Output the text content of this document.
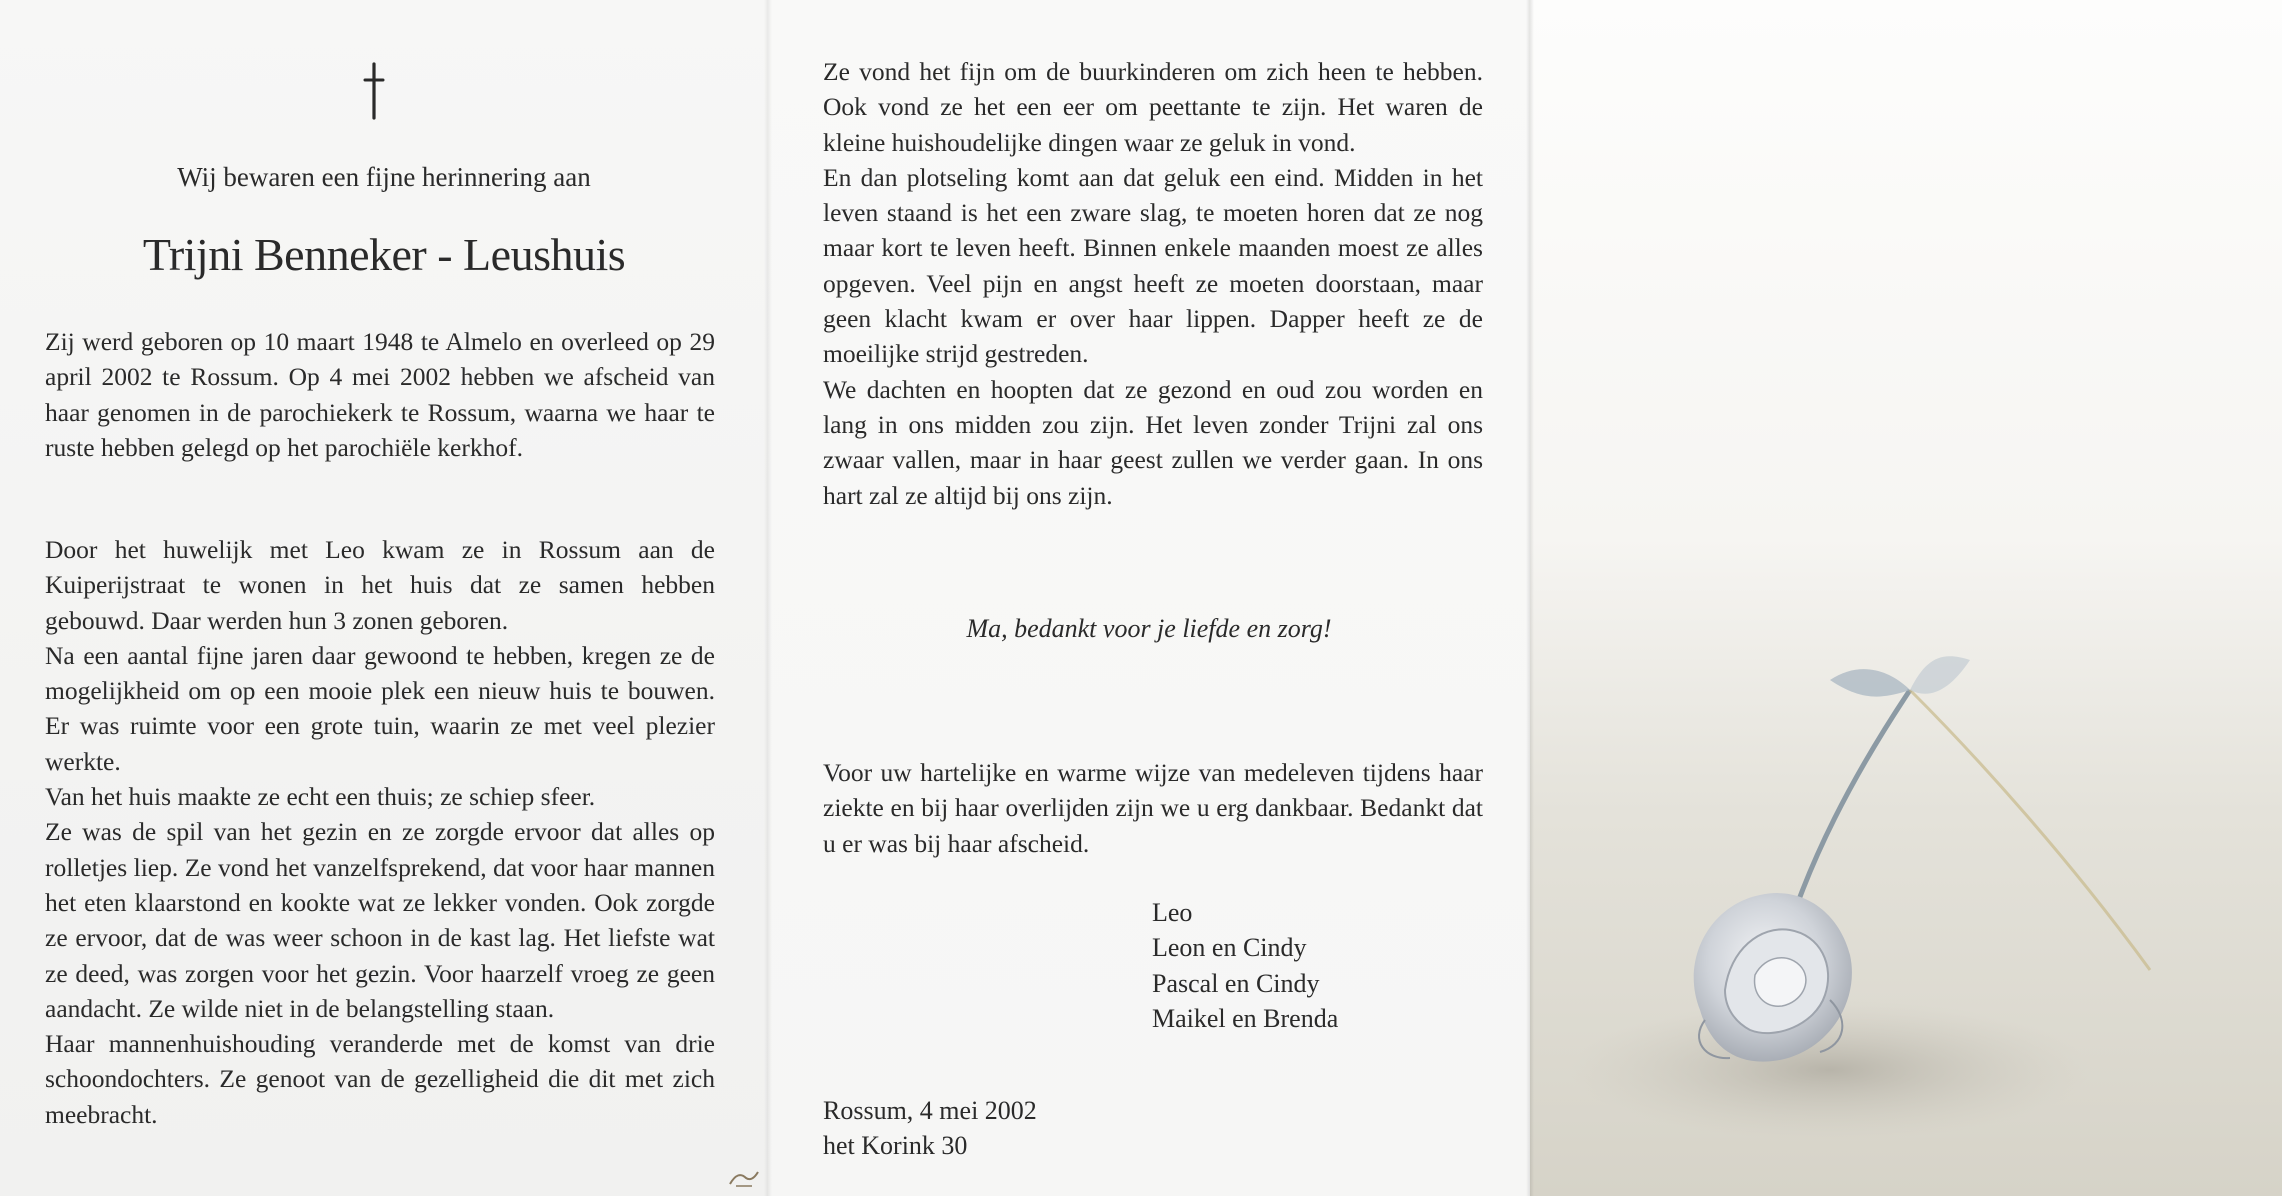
Wij bewaren een fijne herinnering aan
Trijni Benneker - Leushuis

Zij werd geboren op 10 maart 1948 te Almelo en overleed op 29 april 2002 te Rossum. Op 4 mei 2002 hebben we afscheid van haar genomen in de parochiekerk te Rossum, waarna we haar te ruste hebben gelegd op het parochiële kerkhof.

Door het huwelijk met Leo kwam ze in Rossum aan de Kuiperijstraat te wonen in het huis dat ze samen hebben gebouwd. Daar werden hun 3 zonen geboren.

Na een aantal fijne jaren daar gewoond te hebben, kregen ze de mogelijkheid om op een mooie plek een nieuw huis te bouwen. Er was ruimte voor een grote tuin, waarin ze met veel plezier werkte.

Van het huis maakte ze echt een thuis; ze schiep sfeer.

Ze was de spil van het gezin en ze zorgde ervoor dat alles op rolletjes liep. Ze vond het vanzelfsprekend, dat voor haar mannen het eten klaarstond en kookte wat ze lekker vonden. Ook zorgde ze ervoor, dat de was weer schoon in de kast lag. Het liefste wat ze deed, was zorgen voor het gezin. Voor haarzelf vroeg ze geen aandacht. Ze wilde niet in de belangstelling staan.

Haar mannenhuishouding veranderde met de komst van drie schoondochters. Ze genoot van de gezelligheid die dit met zich meebracht.

Ze vond het fijn om de buurkinderen om zich heen te hebben. Ook vond ze het een eer om peettante te zijn. Het waren de kleine huishoudelijke dingen waar ze geluk in vond.

En dan plotseling komt aan dat geluk een eind. Midden in het leven staand is het een zware slag, te moeten horen dat ze nog maar kort te leven heeft. Binnen enkele maanden moest ze alles opgeven. Veel pijn en angst heeft ze moeten doorstaan, maar geen klacht kwam er over haar lippen. Dapper heeft ze de moeilijke strijd gestreden.

We dachten en hoopten dat ze gezond en oud zou worden en lang in ons midden zou zijn. Het leven zonder Trijni zal ons zwaar vallen, maar in haar geest zullen we verder gaan. In ons hart zal ze altijd bij ons zijn.

Ma, bedankt voor je liefde en zorg!

Voor uw hartelijke en warme wijze van medeleven tijdens haar ziekte en bij haar overlijden zijn we u erg dankbaar. Bedankt dat u er was bij haar afscheid.

Leo
Leon en Cindy
Pascal en Cindy
Maikel en Brenda
Rossum, 4 mei 2002
het Korink 30
